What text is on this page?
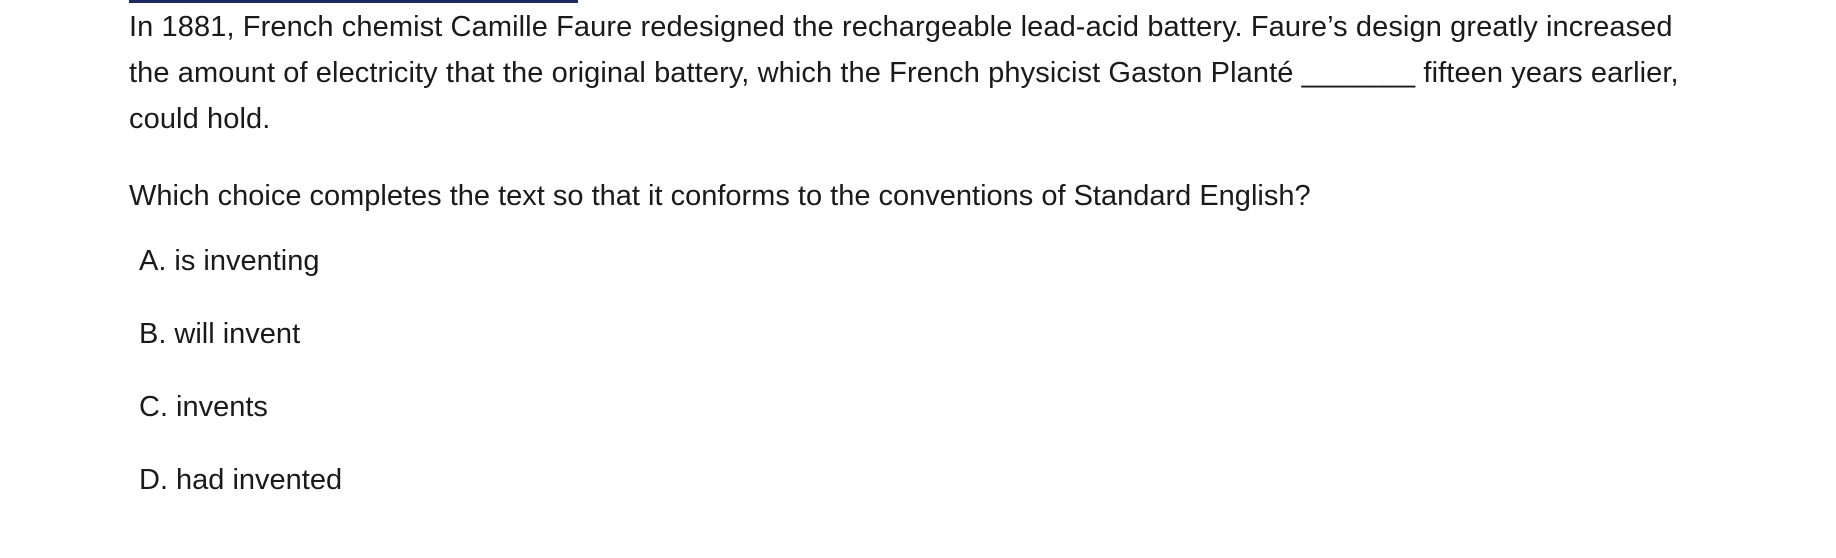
In 1881, French chemist Camille Faure redesigned the rechargeable lead-acid battery. Faure’s design greatly increased the amount of electricity that the original battery, which the French physicist Gaston Planté _______ fifteen years earlier, could hold.

Which choice completes the text so that it conforms to the conventions of Standard English?

A. is inventing
B. will invent
C. invents
D. had invented
